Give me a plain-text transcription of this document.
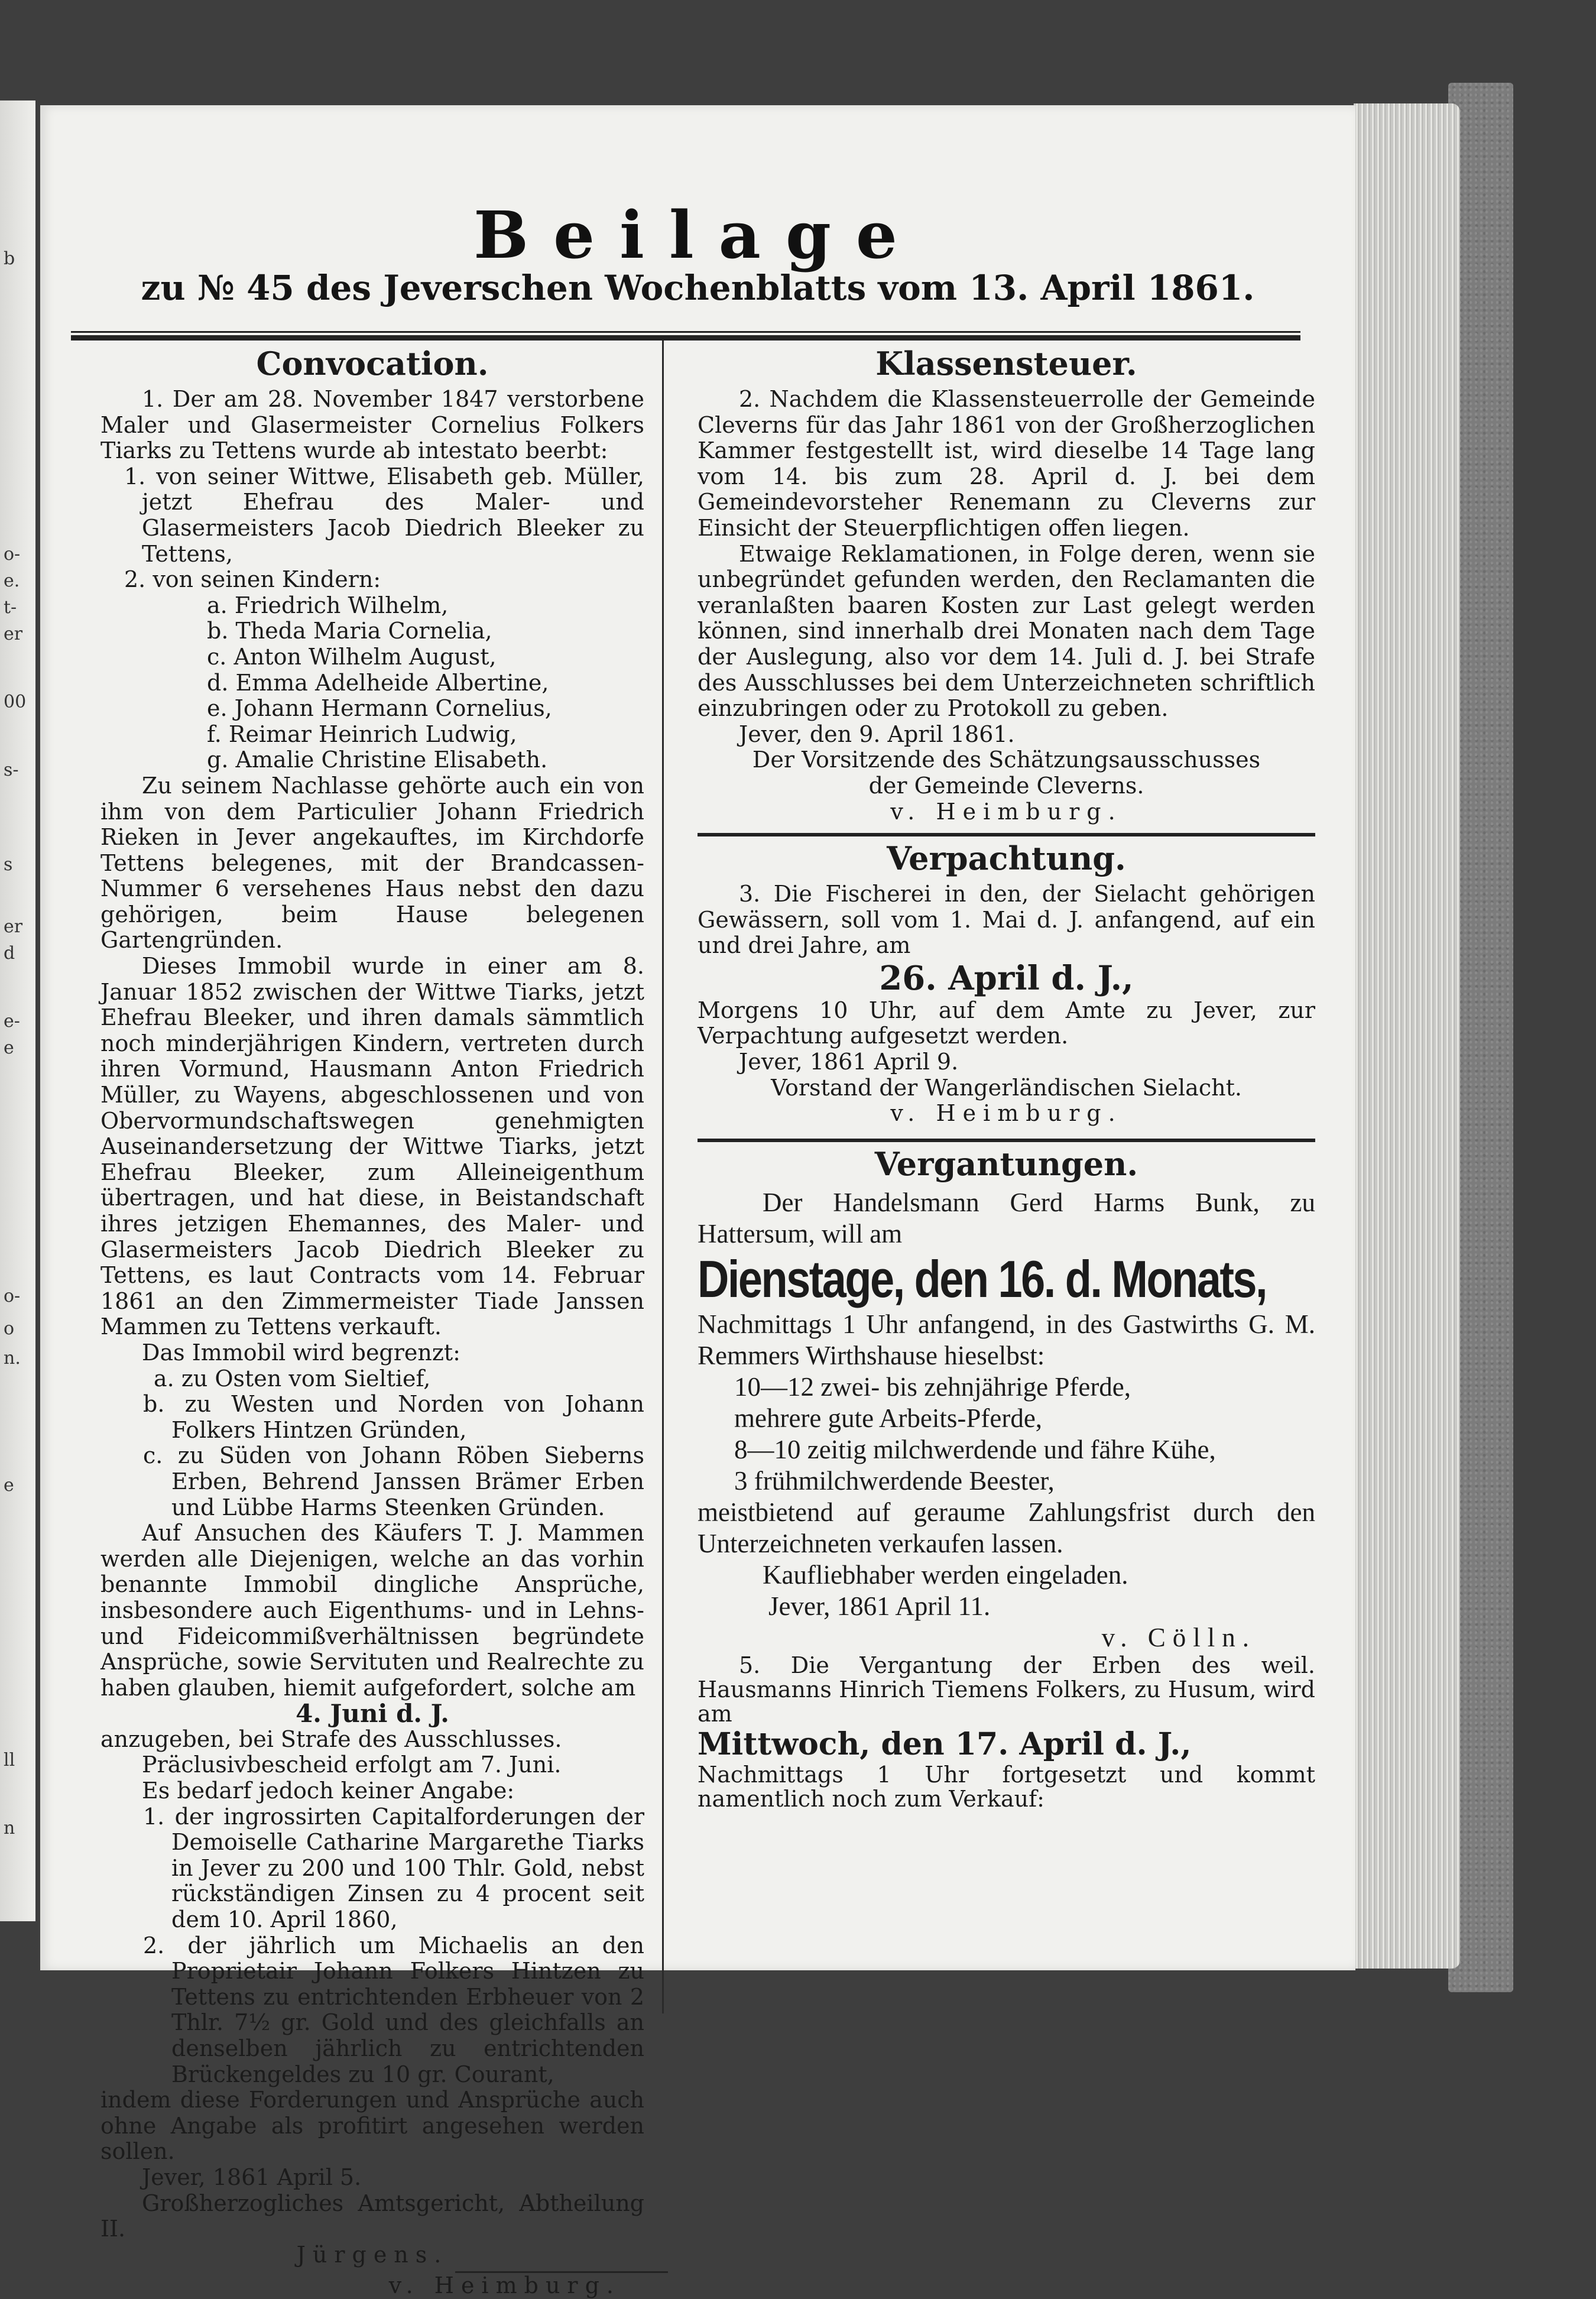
b
o-
e.
t-
er
00
s-
s
er
d
e-
e
o-
o
n.
e
ll
n
Beilage
zu № 45 des Jeverschen Wochenblatts vom 13. April 1861.
Convocation.

1. Der am 28. November 1847 verstorbene Maler und Glasermeister Cornelius Folkers Tiarks zu Tettens wurde ab intestato beerbt:

1. von seiner Wittwe, Elisabeth geb. Müller, jetzt Ehefrau des Maler- und Glasermeisters Jacob Diedrich Bleeker zu Tettens,

2. von seinen Kindern:

a. Friedrich Wilhelm,

b. Theda Maria Cornelia,

c. Anton Wilhelm August,

d. Emma Adelheide Albertine,

e. Johann Hermann Cornelius,

f. Reimar Heinrich Ludwig,

g. Amalie Christine Elisabeth.

Zu seinem Nachlasse gehörte auch ein von ihm von dem Particulier Johann Friedrich Rieken in Jever angekauftes, im Kirchdorfe Tettens belegenes, mit der Brandcassen-Nummer 6 versehenes Haus nebst den dazu gehörigen, beim Hause belegenen Gartengründen.

Dieses Immobil wurde in einer am 8. Januar 1852 zwischen der Wittwe Tiarks, jetzt Ehefrau Bleeker, und ihren damals sämmtlich noch minderjährigen Kindern, vertreten durch ihren Vormund, Hausmann Anton Friedrich Müller, zu Wayens, abgeschlossenen und von Obervormundschaftswegen genehmigten Auseinandersetzung der Wittwe Tiarks, jetzt Ehefrau Bleeker, zum Alleineigenthum übertragen, und hat diese, in Beistandschaft ihres jetzigen Ehemannes, des Maler- und Glasermeisters Jacob Diedrich Bleeker zu Tettens, es laut Contracts vom 14. Februar 1861 an den Zimmermeister Tiade Janssen Mammen zu Tettens verkauft.

Das Immobil wird begrenzt:

a. zu Osten vom Sieltief,

b. zu Westen und Norden von Johann Folkers Hintzen Gründen,

c. zu Süden von Johann Röben Sieberns Erben, Behrend Janssen Brämer Erben und Lübbe Harms Steenken Gründen.

Auf Ansuchen des Käufers T. J. Mammen werden alle Diejenigen, welche an das vorhin benannte Immobil dingliche Ansprüche, insbesondere auch Eigenthums- und in Lehns- und Fideicommißverhältnissen begründete Ansprüche, sowie Servituten und Realrechte zu haben glauben, hiemit aufgefordert, solche am

4. Juni d. J.

anzugeben, bei Strafe des Ausschlusses.

Präclusivbescheid erfolgt am 7. Juni.

Es bedarf jedoch keiner Angabe:

1. der ingrossirten Capitalforderungen der Demoiselle Catharine Margarethe Tiarks in Jever zu 200 und 100 Thlr. Gold, nebst rückständigen Zinsen zu 4 procent seit dem 10. April 1860,

2. der jährlich um Michaelis an den Proprietair Johann Folkers Hintzen zu Tettens zu entrichtenden Erbheuer von 2 Thlr. 7½ gr. Gold und des gleichfalls an denselben jährlich zu entrichtenden Brückengeldes zu 10 gr. Courant,

indem diese Forderungen und Ansprüche auch ohne Angabe als profitirt angesehen werden sollen.

Jever, 1861 April 5.

Großherzogliches Amtsgericht, Abtheilung II.

Jürgens.

v. Heimburg.

Klassensteuer.

2. Nachdem die Klassensteuerrolle der Gemeinde Cleverns für das Jahr 1861 von der Großherzoglichen Kammer festgestellt ist, wird dieselbe 14 Tage lang vom 14. bis zum 28. April d. J. bei dem Gemeindevorsteher Renemann zu Cleverns zur Einsicht der Steuerpflichtigen offen liegen.

Etwaige Reklamationen, in Folge deren, wenn sie unbegründet gefunden werden, den Reclamanten die veranlaßten baaren Kosten zur Last gelegt werden können, sind innerhalb drei Monaten nach dem Tage der Auslegung, also vor dem 14. Juli d. J. bei Strafe des Ausschlusses bei dem Unterzeichneten schriftlich einzubringen oder zu Protokoll zu geben.

Jever, den 9. April 1861.

Der Vorsitzende des Schätzungsausschusses der Gemeinde Cleverns.

v. Heimburg.

Verpachtung.

3. Die Fischerei in den, der Sielacht gehörigen Gewässern, soll vom 1. Mai d. J. anfangend, auf ein und drei Jahre, am

26. April d. J.,

Morgens 10 Uhr, auf dem Amte zu Jever, zur Verpachtung aufgesetzt werden.

Jever, 1861 April 9.

Vorstand der Wangerländischen Sielacht.

v. Heimburg.

Vergantungen.

Der Handelsmann Gerd Harms Bunk, zu Hattersum, will am

Dienstage, den 16. d. Monats,

Nachmittags 1 Uhr anfangend, in des Gastwirths G. M. Remmers Wirthshause hieselbst:

10—12 zwei- bis zehnjährige Pferde,

mehrere gute Arbeits-Pferde,

8—10 zeitig milchwerdende und fähre Kühe,

3 frühmilchwerdende Beester,

meistbietend auf geraume Zahlungsfrist durch den Unterzeichneten verkaufen lassen.

Kaufliebhaber werden eingeladen.

Jever, 1861 April 11.

v. Cölln.

5. Die Vergantung der Erben des weil. Hausmanns Hinrich Tiemens Folkers, zu Husum, wird am

Mittwoch, den 17. April d. J.,

Nachmittags 1 Uhr fortgesetzt und kommt namentlich noch zum Verkauf:
